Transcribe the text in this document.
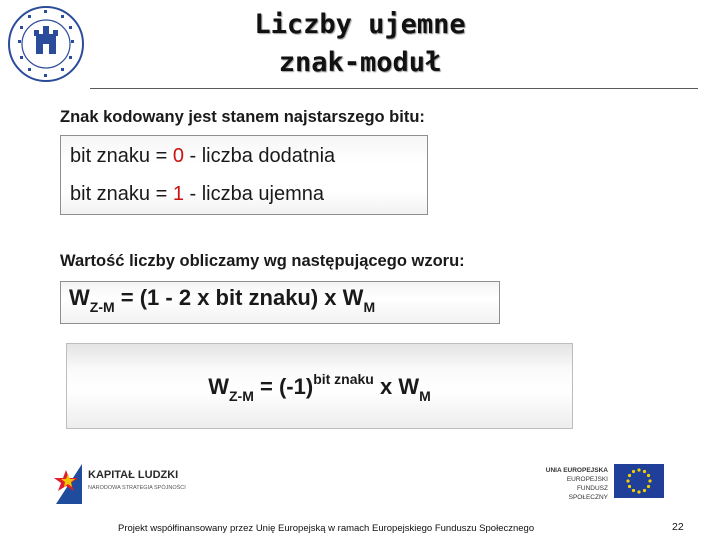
Liczby ujemne
znak-moduł
Znak kodowany jest stanem najstarszego bitu:
bit znaku = 0 - liczba dodatnia
bit znaku = 1 - liczba ujemna
Wartość liczby obliczamy wg następującego wzoru:
$W_{Z-M} = (1 - 2$ x bit znaku) x $W_M$
$W_{Z-M} = (-1)^{bit znaku}$ x $W_M$
KAPITAŁ LUDZKI
NARODOWA STRATEGIA SPÓJNOŚCI
UNIA EUROPEJSKA
EUROPEJSKI
FUNDUSZ SPOŁECZNY
Projekt współfinansowany przez Unię Europejską w ramach Europejskiego Funduszu Społecznego	22
